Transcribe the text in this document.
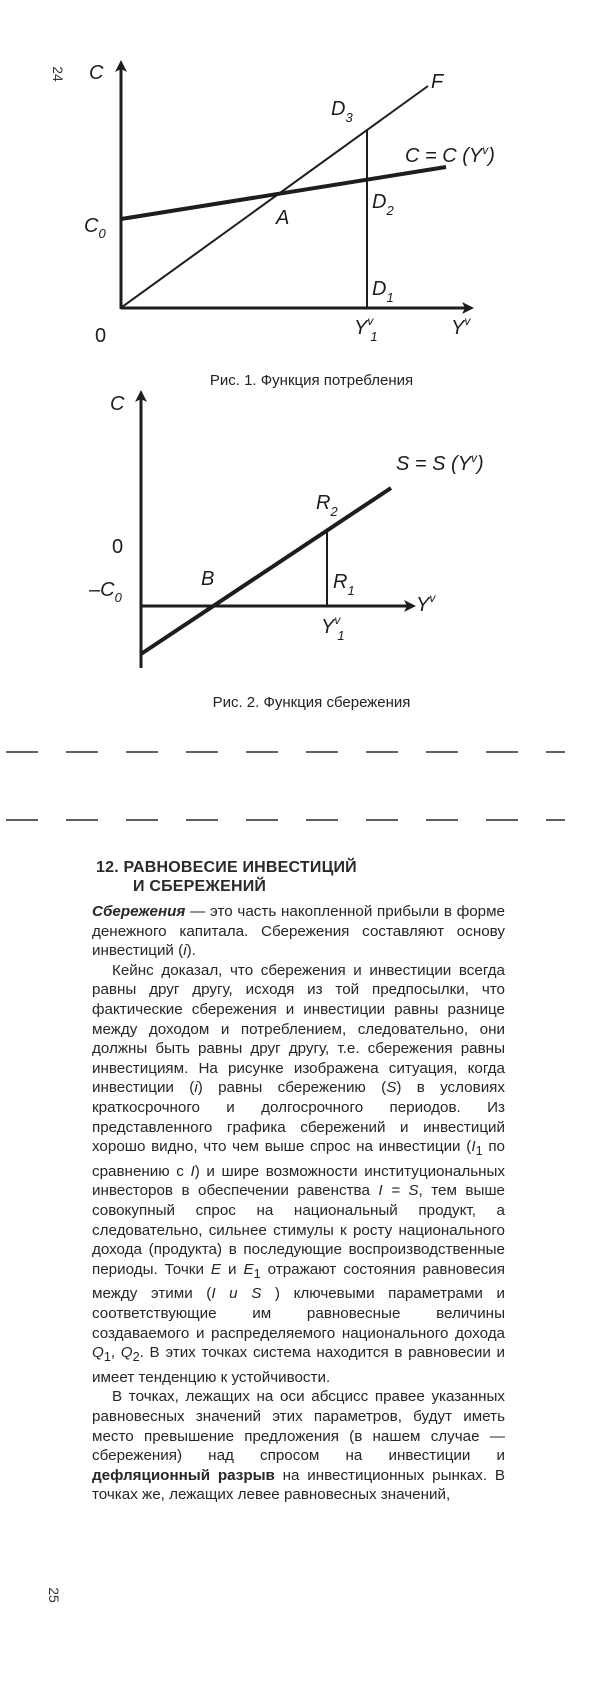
24
25
C
0
$C_0$
F
$D_3$
$D_2$
$D_1$
A
C = C $(Y^v)$
$Y^v$ 1	$Y^v$
Рис. 1. Функция потребления
C
0
$-C_0$
S = S $(Y^v)$
$R_2$
$R_1$
B
$Y^v$
$Y^v$ 1
Рис. 2. Функция сбережения
12. РАВНОВЕСИЕ ИНВЕСТИЦИЙ
И СБЕРЕЖЕНИЙ

Сбережения — это часть накопленной прибыли в форме денежного капитала. Сбережения составляют основу инвестиций (i).

Кейнс доказал, что сбережения и инвестиции всегда равны друг другу, исходя из той предпосылки, что фактические сбережения и инвестиции равны разнице между доходом и потреблением, следовательно, они должны быть равны друг другу, т.е. сбережения равны инвестициям. На рисунке изображена ситуация, когда инвестиции (i) равны сбережению (S) в условиях краткосрочного и долгосрочного периодов. Из представленного графика сбережений и инвестиций хорошо видно, что чем выше спрос на инвестиции ($I_1$ по сравнению с I) и шире возможности институциональных инвесторов в обеспечении равенства I = S, тем выше совокупный спрос на национальный продукт, а следовательно, сильнее стимулы к росту национального дохода (продукта) в последующие воспроизводственные периоды. Точки E и $E_1$ отражают состояния равновесия между этими (I и S ) ключевыми параметрами и соответствующие им равновесные величины создаваемого и распределяемого национального дохода $Q_1$, $Q_2$. В этих точках система находится в равновесии и имеет тенденцию к устойчивости.

В точках, лежащих на оси абсцисс правее указанных равновесных значений этих параметров, будут иметь место превышение предложения (в нашем случае — сбережения) над спросом на инвестиции и дефляционный разрыв на инвестиционных рынках. В точках же, лежащих левее равновесных значений,
